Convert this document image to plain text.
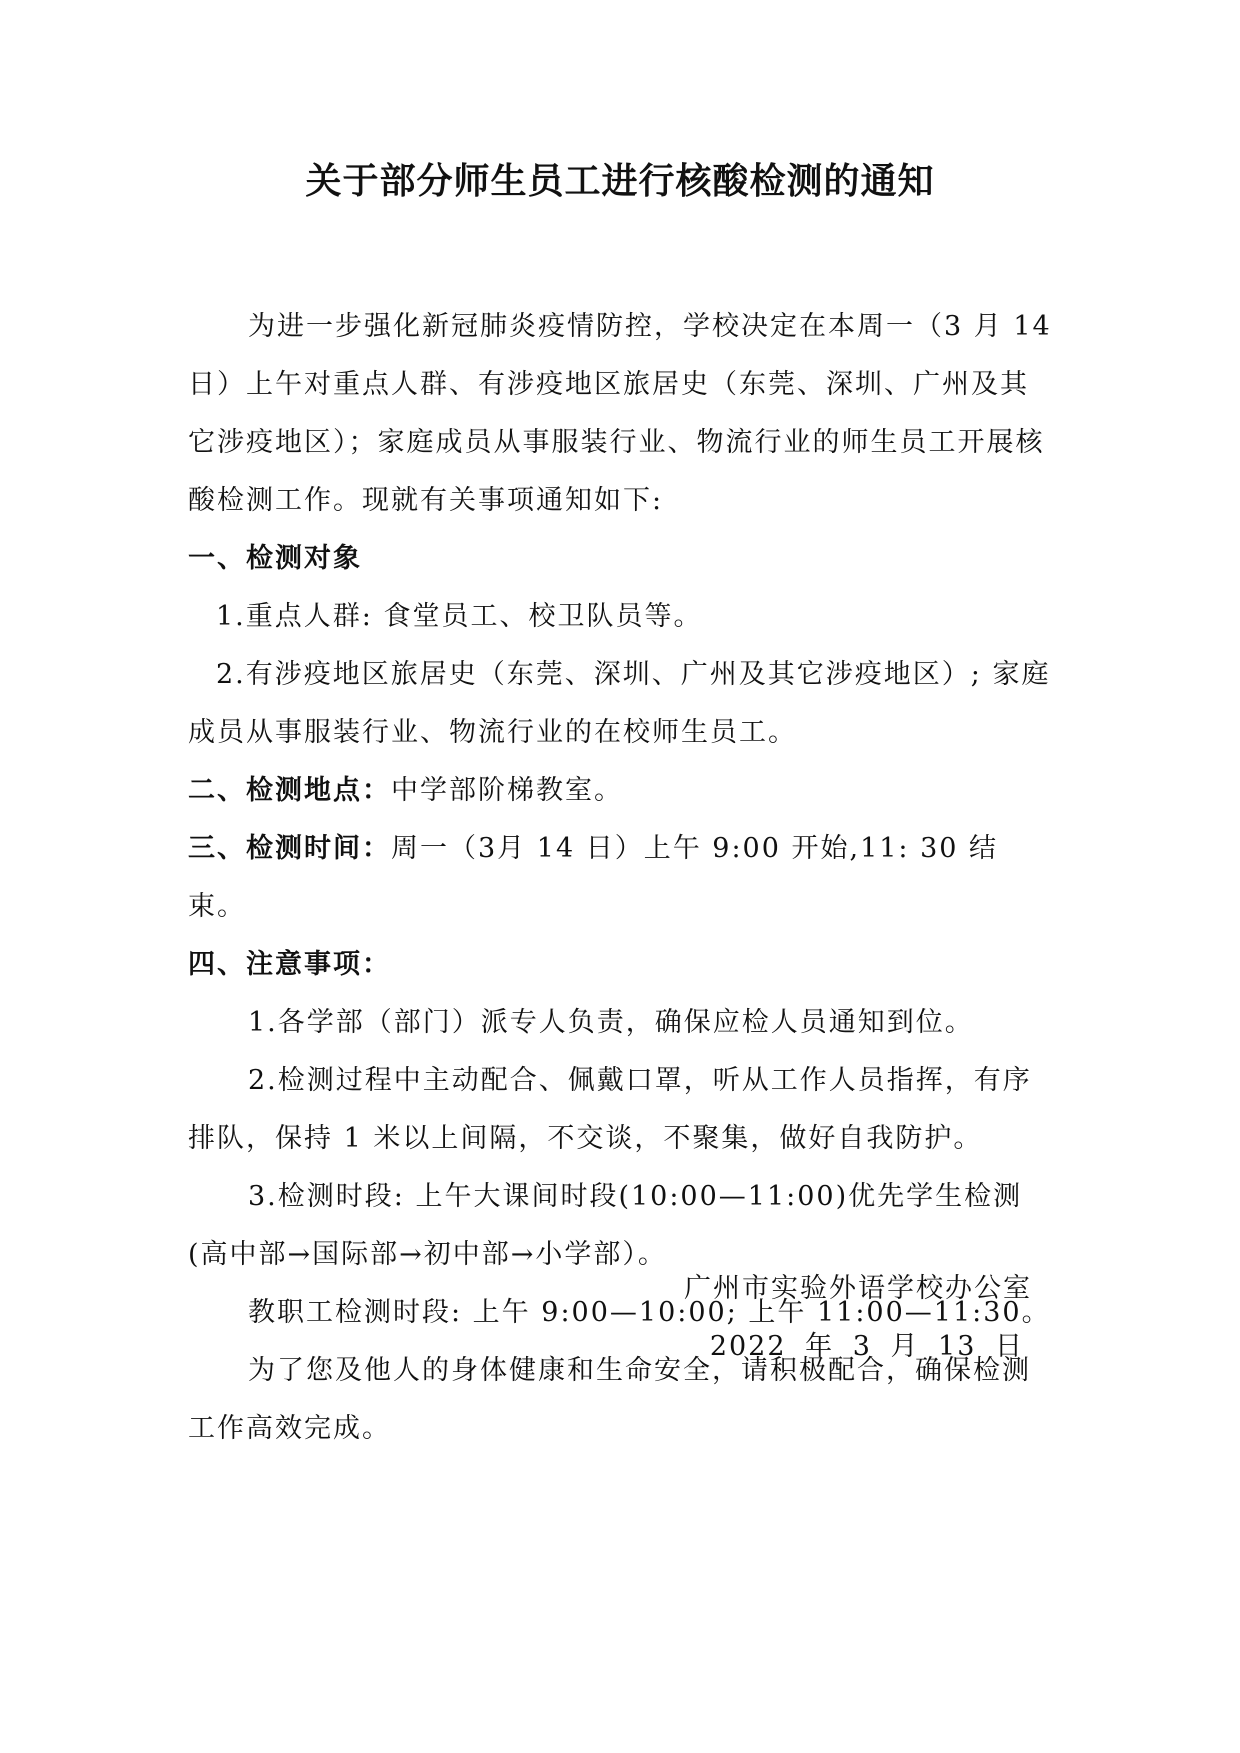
关于部分师生员工进行核酸检测的通知

为进一步强化新冠肺炎疫情防控，学校决定在本周一（3 月 14 日）上午对重点人群、有涉疫地区旅居史（东莞、深圳、广州及其它涉疫地区）；家庭成员从事服装行业、物流行业的师生员工开展核酸检测工作。现就有关事项通知如下:

一、检测对象

1.重点人群: 食堂员工、校卫队员等。

2.有涉疫地区旅居史（东莞、深圳、广州及其它涉疫地区）; 家庭成员从事服装行业、物流行业的在校师生员工。

二、检测地点：中学部阶梯教室。

三、检测时间：周一（3月 14 日）上午 9:00 开始,11: 30 结束。

四、注意事项：

1.各学部（部门）派专人负责，确保应检人员通知到位。

2.检测过程中主动配合、佩戴口罩，听从工作人员指挥，有序排队，保持 1 米以上间隔，不交谈，不聚集，做好自我防护。

3.检测时段: 上午大课间时段(10:00—11:00)优先学生检测(高中部→国际部→初中部→小学部）。

教职工检测时段: 上午 9:00—10:00; 上午 11:00—11:30。

为了您及他人的身体健康和生命安全，请积极配合，确保检测工作高效完成。

广州市实验外语学校办公室

2022 年 3 月 13 日
